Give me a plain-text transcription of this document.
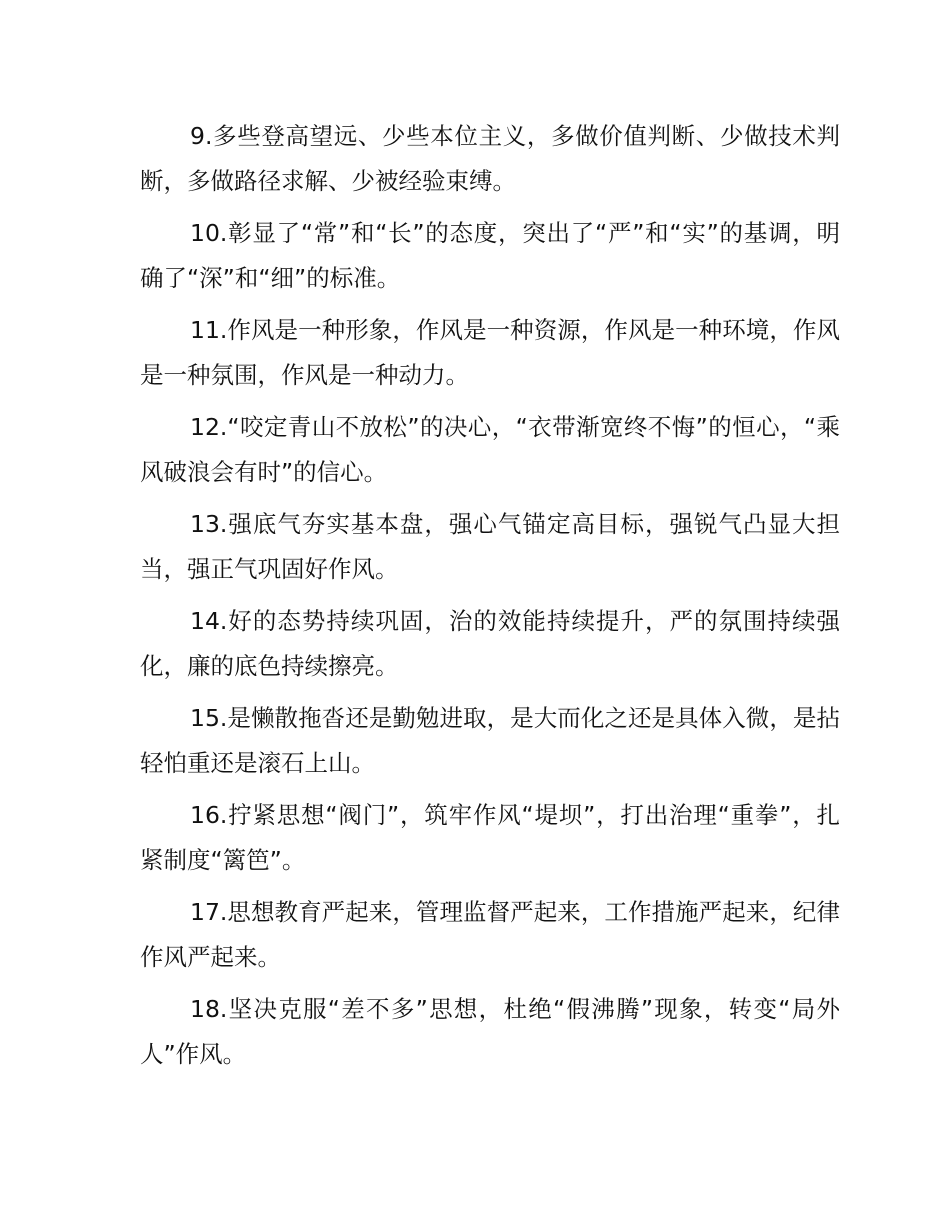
9.多些登高望远、少些本位主义，多做价值判断、少做技术判断，多做路径求解、少被经验束缚。

10.彰显了“常”和“长”的态度，突出了“严”和“实”的基调，明确了“深”和“细”的标准。

11.作风是一种形象，作风是一种资源，作风是一种环境，作风是一种氛围，作风是一种动力。

12.“咬定青山不放松”的决心，“衣带渐宽终不悔”的恒心，“乘风破浪会有时”的信心。

13.强底气夯实基本盘，强心气锚定高目标，强锐气凸显大担当，强正气巩固好作风。

14.好的态势持续巩固，治的效能持续提升，严的氛围持续强化，廉的底色持续擦亮。

15.是懒散拖沓还是勤勉进取，是大而化之还是具体入微，是拈轻怕重还是滚石上山。

16.拧紧思想“阀门”，筑牢作风“堤坝”，打出治理“重拳”，扎紧制度“篱笆”。

17.思想教育严起来，管理监督严起来，工作措施严起来，纪律作风严起来。

18.坚决克服“差不多”思想，杜绝“假沸腾”现象，转变“局外人”作风。
